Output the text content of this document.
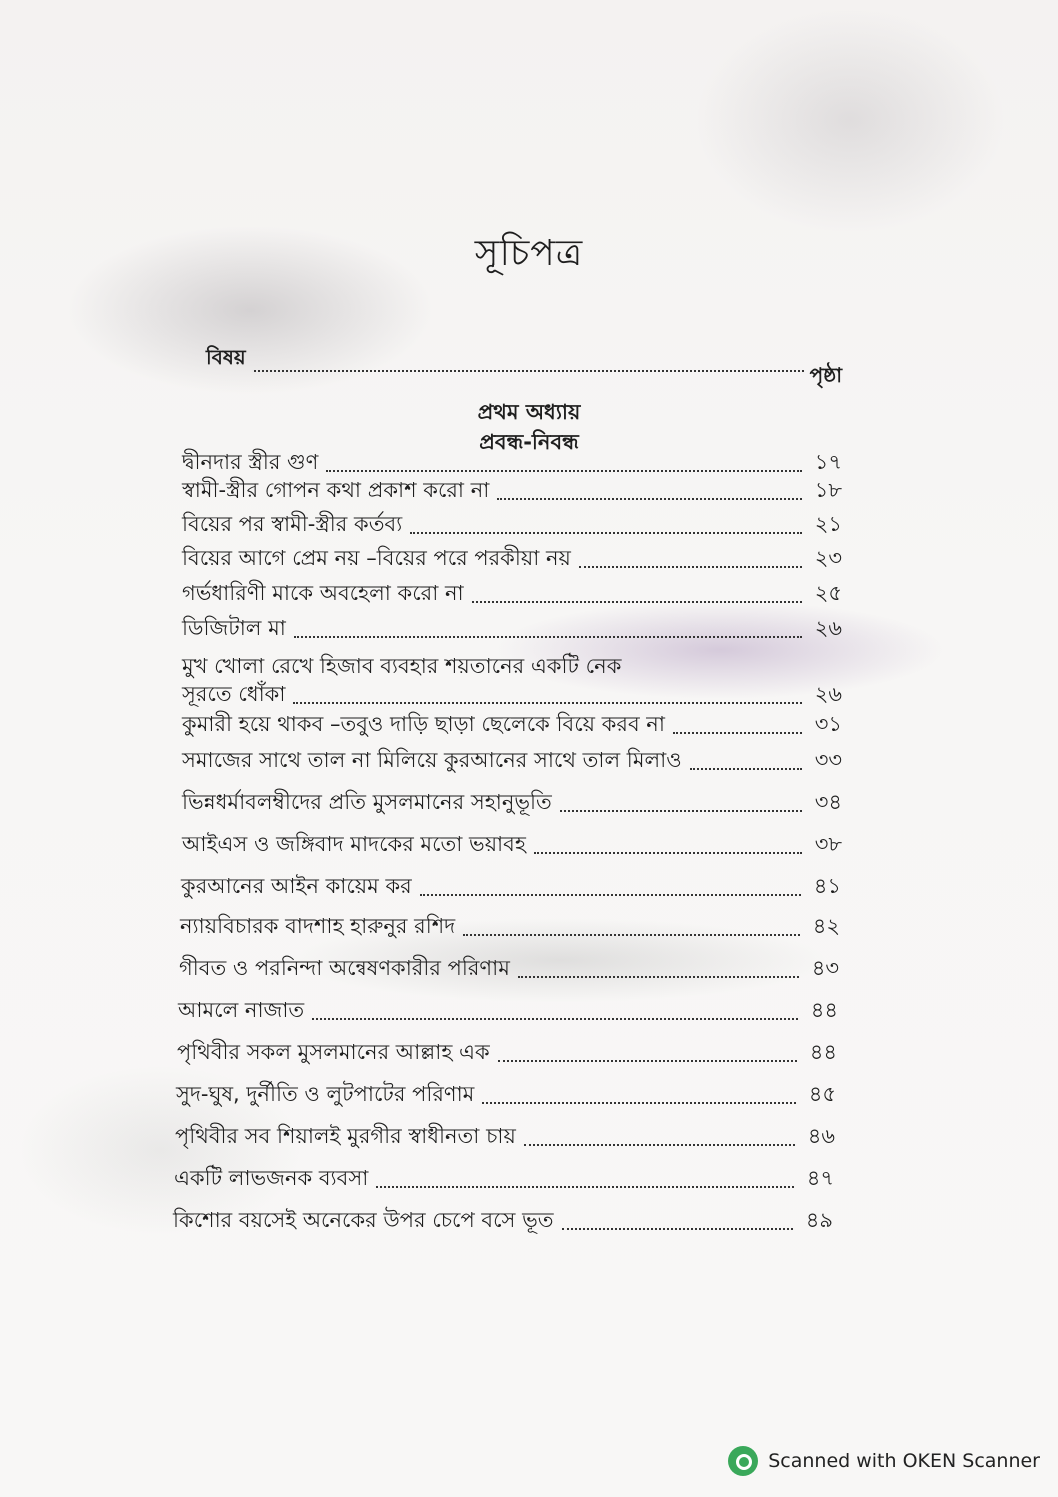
সূচিপত্র
বিষয়
পৃষ্ঠা
প্রথম অধ্যায়
প্রবন্ধ-নিবন্ধ
দ্বীনদার স্ত্রীর গুণ	১৭
স্বামী-স্ত্রীর গোপন কথা প্রকাশ করো না	১৮
বিয়ের পর স্বামী-স্ত্রীর কর্তব্য	২১
বিয়ের আগে প্রেম নয় –বিয়ের পরে পরকীয়া নয়	২৩
গর্ভধারিণী মাকে অবহেলা করো না	২৫
ডিজিটাল মা	২৬
মুখ খোলা রেখে হিজাব ব্যবহার শয়তানের একটি নেক
সূরতে ধোঁকা	২৬
কুমারী হয়ে থাকব –তবুও দাড়ি ছাড়া ছেলেকে বিয়ে করব না	৩১
সমাজের সাথে তাল না মিলিয়ে কুরআনের সাথে তাল মিলাও	৩৩
ভিন্নধর্মাবলম্বীদের প্রতি মুসলমানের সহানুভূতি	৩৪
আইএস ও জঙ্গিবাদ মাদকের মতো ভয়াবহ	৩৮
কুরআনের আইন কায়েম কর	৪১
ন্যায়বিচারক বাদশাহ হারুনুর রশিদ	৪২
গীবত ও পরনিন্দা অন্বেষণকারীর পরিণাম	৪৩
আমলে নাজাত	৪৪
পৃথিবীর সকল মুসলমানের আল্লাহ এক	৪৪
সুদ-ঘুষ, দুর্নীতি ও লুটপাটের পরিণাম	৪৫
পৃথিবীর সব শিয়ালই মুরগীর স্বাধীনতা চায়	৪৬
একটি লাভজনক ব্যবসা	৪৭
কিশোর বয়সেই অনেকের উপর চেপে বসে ভূত	৪৯
Scanned with OKEN Scanner
